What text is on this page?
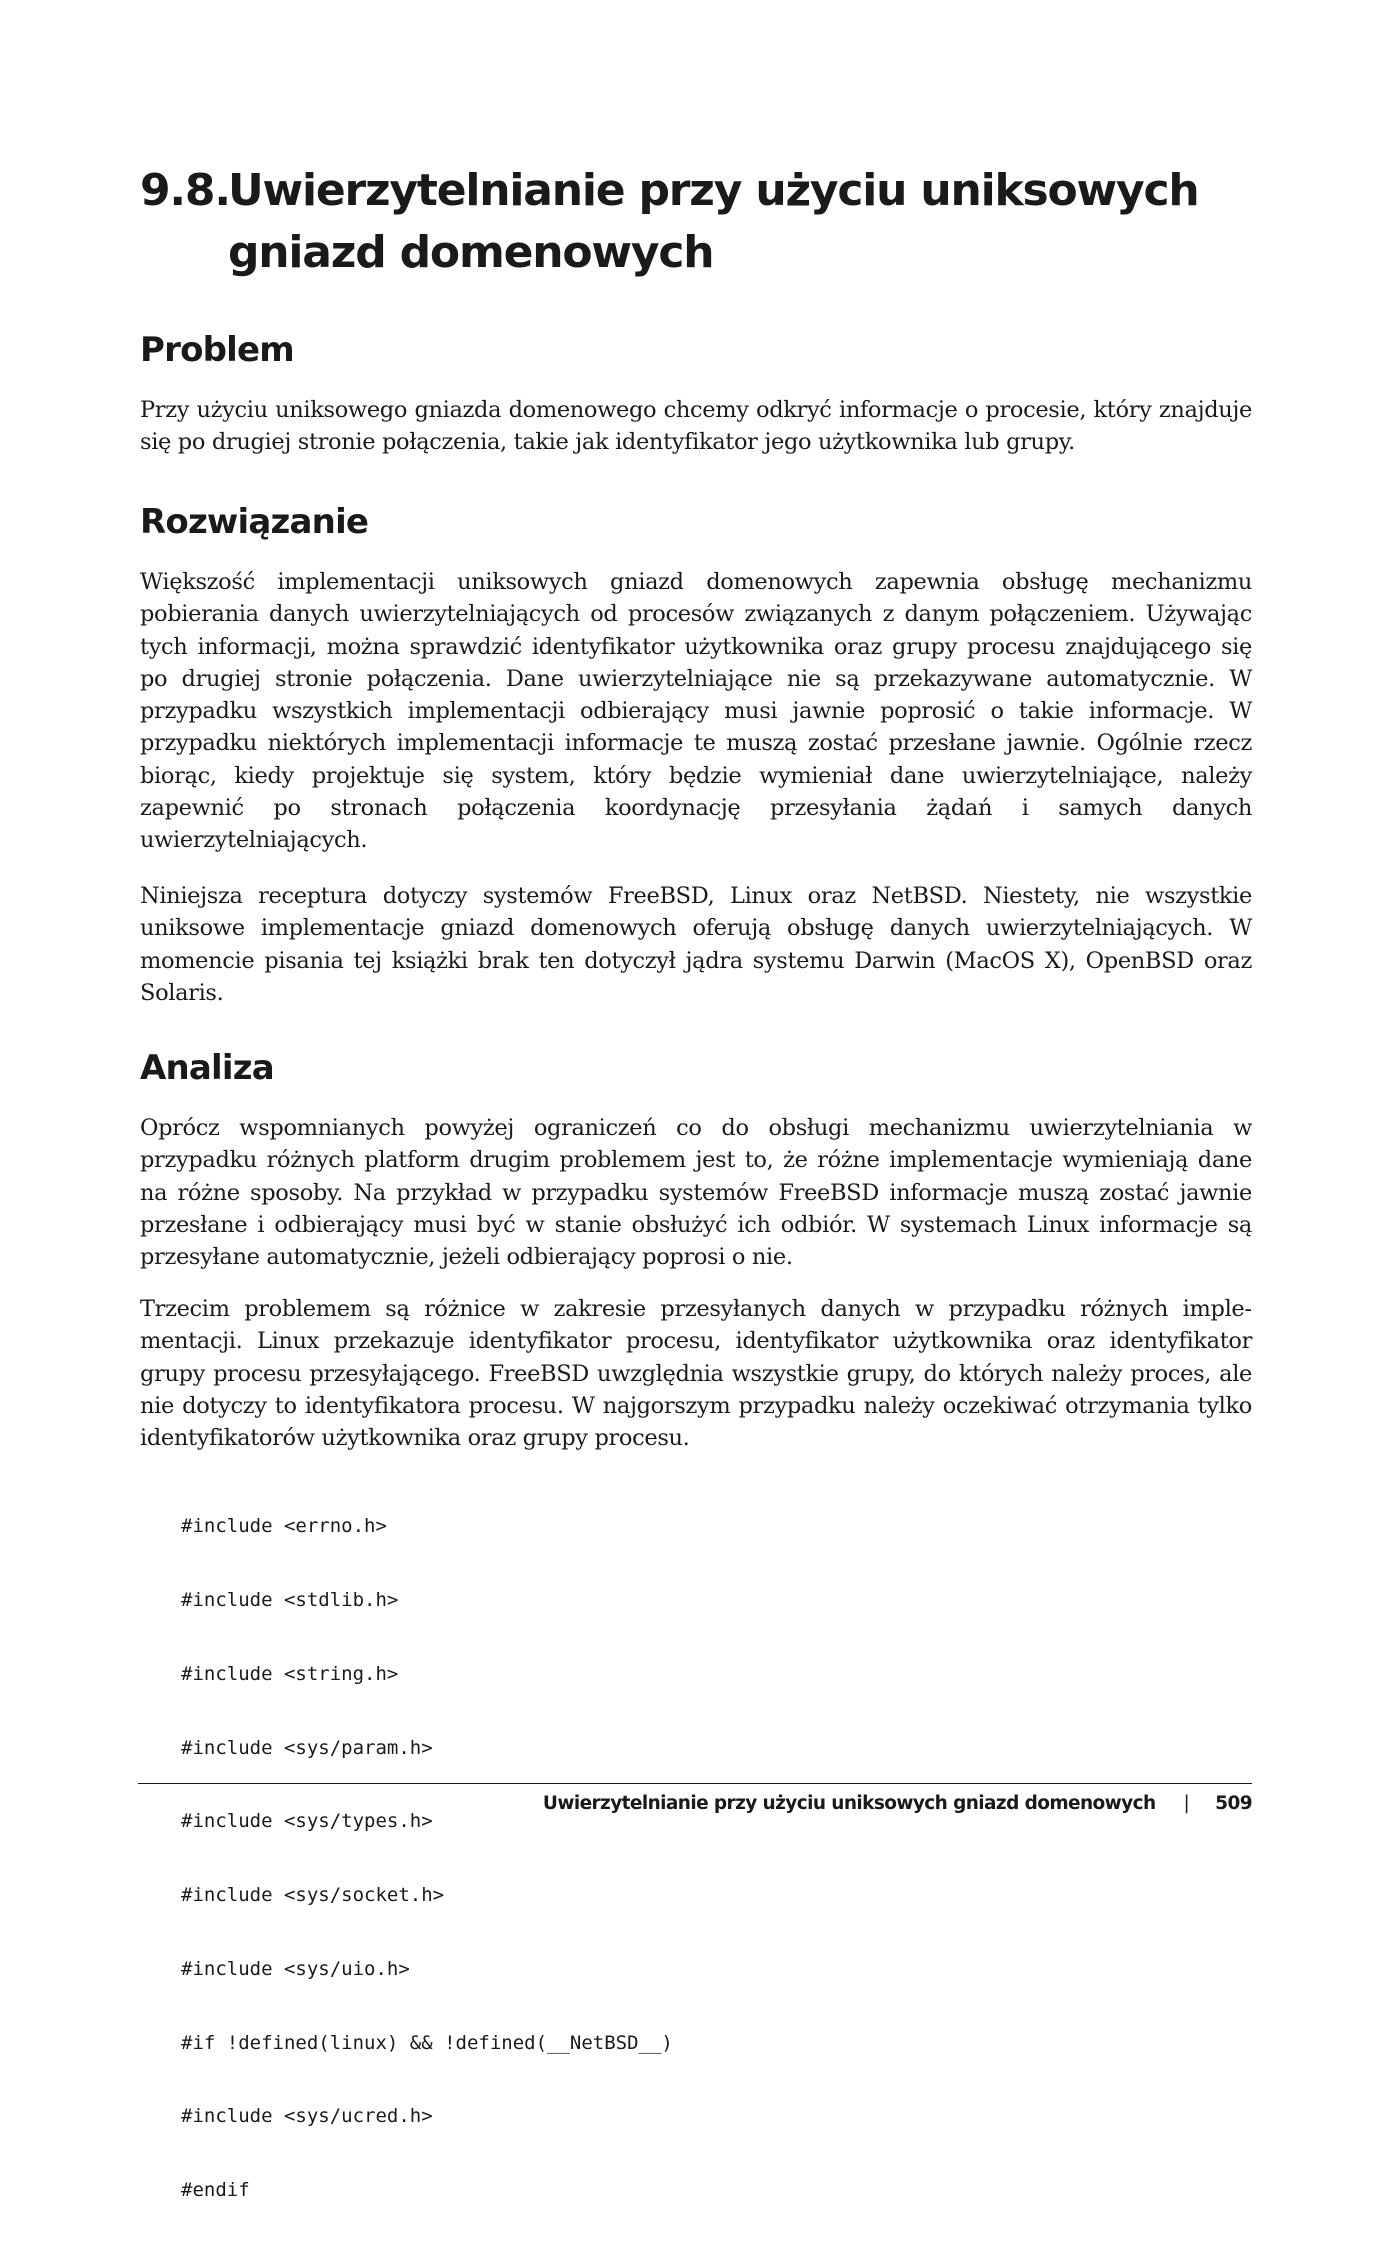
9.8.Uwierzytelnianie przy użyciu uniksowych
gniazd domenowych
Problem

Przy użyciu uniksowego gniazda domenowego chcemy odkryć informacje o procesie, który znajduje się po drugiej stronie połączenia, takie jak identyfikator jego użytkownika lub grupy.

Rozwiązanie

Większość implementacji uniksowych gniazd domenowych zapewnia obsługę mechanizmu pobierania danych uwierzytelniających od procesów związanych z danym połączeniem. Używając tych informacji, można sprawdzić identyfikator użytkownika oraz grupy procesu znajdującego się po drugiej stronie połączenia. Dane uwierzytelniające nie są przekazywane automatycznie. W przypadku wszystkich implementacji odbierający musi jawnie poprosić o takie informacje. W przypadku niektórych implementacji informacje te muszą zostać przesłane jawnie. Ogólnie rzecz biorąc, kiedy projektuje się system, który będzie wymieniał dane uwierzytelniające, należy zapewnić po stronach połączenia koordynację przesyłania żądań i samych danych uwierzytelniających.

Niniejsza receptura dotyczy systemów FreeBSD, Linux oraz NetBSD. Niestety, nie wszystkie uniksowe implementacje gniazd domenowych oferują obsługę danych uwierzytelniających. W momencie pisania tej książki brak ten dotyczył jądra systemu Darwin (MacOS X), OpenBSD oraz Solaris.

Analiza

Oprócz wspomnianych powyżej ograniczeń co do obsługi mechanizmu uwierzytelniania w przypadku różnych platform drugim problemem jest to, że różne implementacje wymieniają dane na różne sposoby. Na przykład w przypadku systemów FreeBSD informacje muszą zostać jawnie przesłane i odbierający musi być w stanie obsłużyć ich odbiór. W systemach Linux informacje są przesyłane automatycznie, jeżeli odbierający poprosi o nie.

Trzecim problemem są różnice w zakresie przesyłanych danych w przypadku różnych implementacji. Linux przekazuje identyfikator procesu, identyfikator użytkownika oraz identyfikator grupy procesu przesyłającego. FreeBSD uwzględnia wszystkie grupy, do których należy proces, ale nie dotyczy to identyfikatora procesu. W najgorszym przypadku należy oczekiwać otrzymania tylko identyfikatorów użytkownika oraz grupy procesu.

#include <errno.h>

#include <stdlib.h>

#include <string.h>

#include <sys/param.h>

#include <sys/types.h>

#include <sys/socket.h>

#include <sys/uio.h>

#if !defined(linux) && !defined(__NetBSD__)

#include <sys/ucred.h>

#endif

Uwierzytelnianie przy użyciu uniksowych gniazd domenowych | 509
